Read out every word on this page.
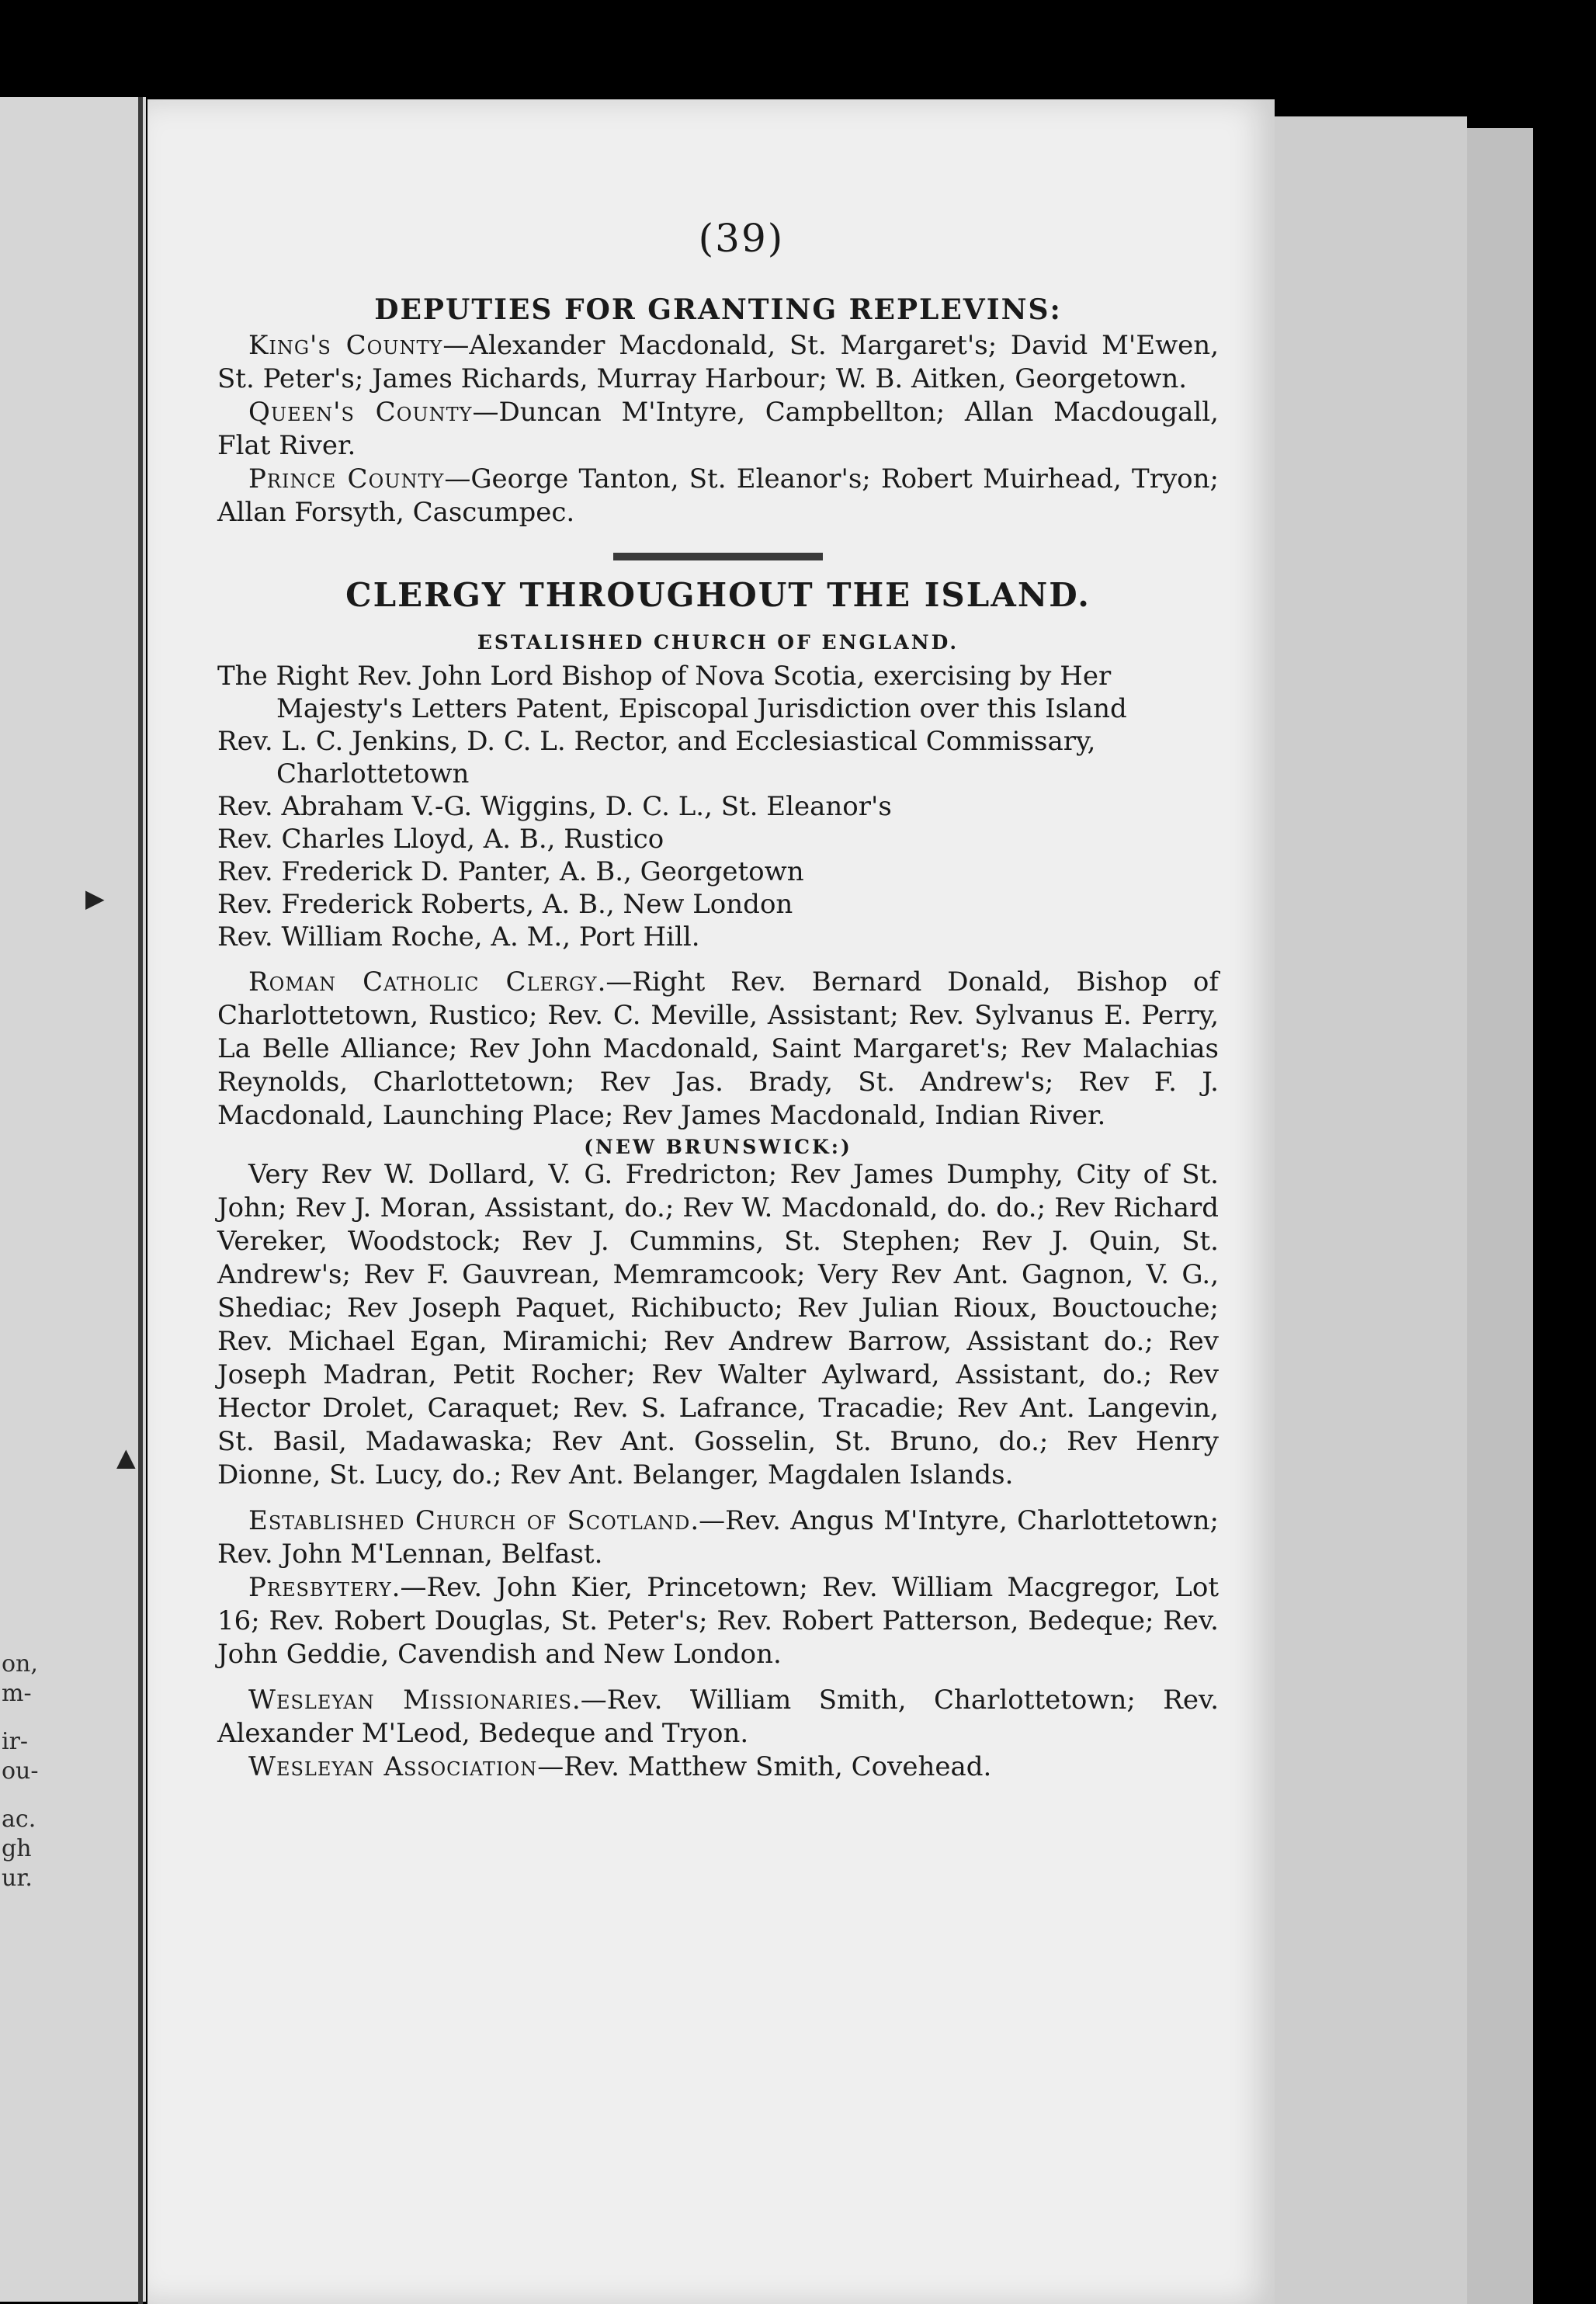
on,
m-
ir-
ou-
ac.
gh
ur.
▶
▲
(39)
DEPUTIES FOR GRANTING REPLEVINS:

King's County—Alexander Macdonald, St. Margaret's; David M'Ewen, St. Peter's; James Richards, Murray Harbour; W. B. Aitken, Georgetown.

Queen's County—Duncan M'Intyre, Campbellton; Allan Macdougall, Flat River.

Prince County—George Tanton, St. Eleanor's; Robert Muirhead, Tryon; Allan Forsyth, Cascumpec.

CLERGY THROUGHOUT THE ISLAND.
ESTALISHED CHURCH OF ENGLAND.
The Right Rev. John Lord Bishop of Nova Scotia, exercising by Her Majesty's Letters Patent, Episcopal Jurisdiction over this Island
Rev. L. C. Jenkins, D. C. L. Rector, and Ecclesiastical Commissary, Charlottetown
Rev. Abraham V.-G. Wiggins, D. C. L., St. Eleanor's
Rev. Charles Lloyd, A. B., Rustico
Rev. Frederick D. Panter, A. B., Georgetown
Rev. Frederick Roberts, A. B., New London
Rev. William Roche, A. M., Port Hill.

Roman Catholic Clergy.—Right Rev. Bernard Donald, Bishop of Charlottetown, Rustico; Rev. C. Meville, Assistant; Rev. Sylvanus E. Perry, La Belle Alliance; Rev John Macdonald, Saint Margaret's; Rev Malachias Reynolds, Charlottetown; Rev Jas. Brady, St. Andrew's; Rev F. J. Macdonald, Launching Place; Rev James Macdonald, Indian River.

(NEW BRUNSWICK:)

Very Rev W. Dollard, V. G. Fredricton; Rev James Dumphy, City of St. John; Rev J. Moran, Assistant, do.; Rev W. Macdonald, do. do.; Rev Richard Vereker, Woodstock; Rev J. Cummins, St. Stephen; Rev J. Quin, St. Andrew's; Rev F. Gauvrean, Memramcook; Very Rev Ant. Gagnon, V. G., Shediac; Rev Joseph Paquet, Richibucto; Rev Julian Rioux, Bouctouche; Rev. Michael Egan, Miramichi; Rev Andrew Barrow, Assistant do.; Rev Joseph Madran, Petit Rocher; Rev Walter Aylward, Assistant, do.; Rev Hector Drolet, Caraquet; Rev. S. Lafrance, Tracadie; Rev Ant. Langevin, St. Basil, Madawaska; Rev Ant. Gosselin, St. Bruno, do.; Rev Henry Dionne, St. Lucy, do.; Rev Ant. Belanger, Magdalen Islands.

Established Church of Scotland.—Rev. Angus M'Intyre, Charlottetown; Rev. John M'Lennan, Belfast.

Presbytery.—Rev. John Kier, Princetown; Rev. William Macgregor, Lot 16; Rev. Robert Douglas, St. Peter's; Rev. Robert Patterson, Bedeque; Rev. John Geddie, Cavendish and New London.

Wesleyan Missionaries.—Rev. William Smith, Charlottetown; Rev. Alexander M'Leod, Bedeque and Tryon.

Wesleyan Association—Rev. Matthew Smith, Covehead.
